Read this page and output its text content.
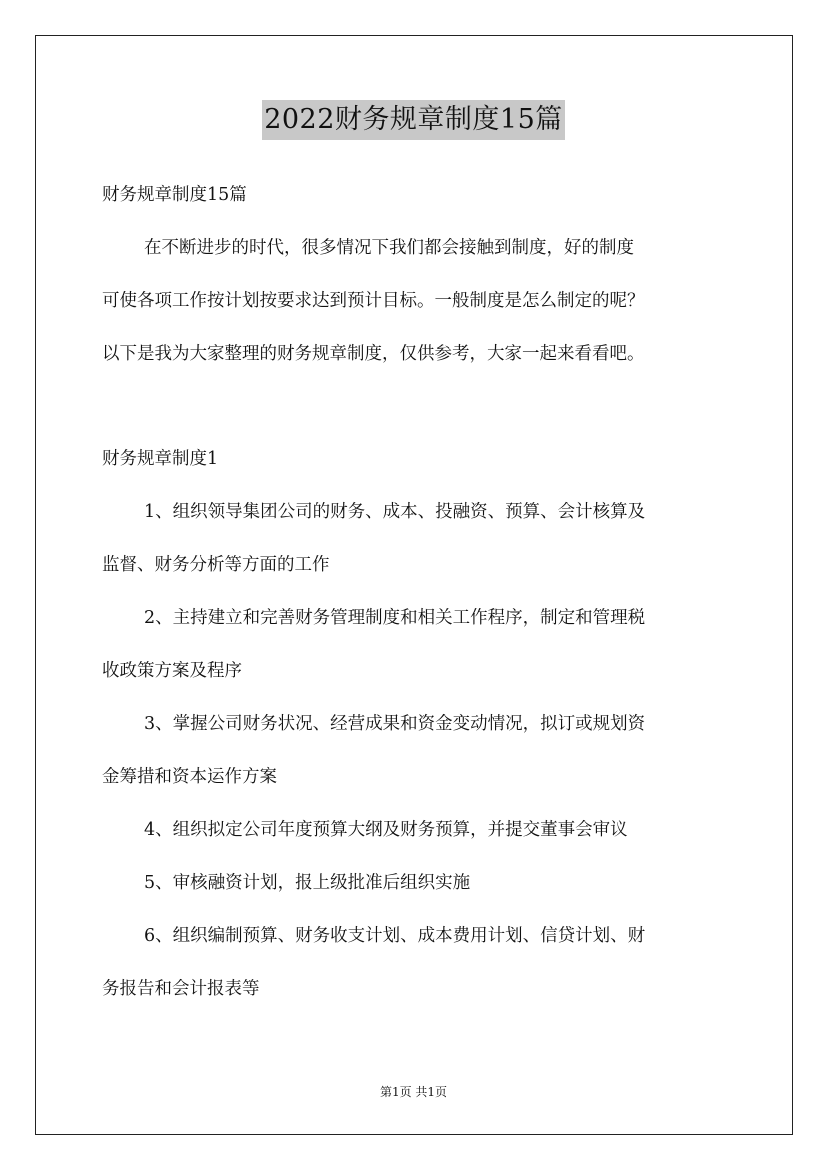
2022财务规章制度15篇
财务规章制度15篇
在不断进步的时代，很多情况下我们都会接触到制度，好的制度
可使各项工作按计划按要求达到预计目标。一般制度是怎么制定的呢？
以下是我为大家整理的财务规章制度，仅供参考，大家一起来看看吧。
财务规章制度1
1、组织领导集团公司的财务、成本、投融资、预算、会计核算及
监督、财务分析等方面的工作
2、主持建立和完善财务管理制度和相关工作程序，制定和管理税
收政策方案及程序
3、掌握公司财务状况、经营成果和资金变动情况，拟订或规划资
金筹措和资本运作方案
4、组织拟定公司年度预算大纲及财务预算，并提交董事会审议
5、审核融资计划，报上级批准后组织实施
6、组织编制预算、财务收支计划、成本费用计划、信贷计划、财
务报告和会计报表等
第1页 共1页
